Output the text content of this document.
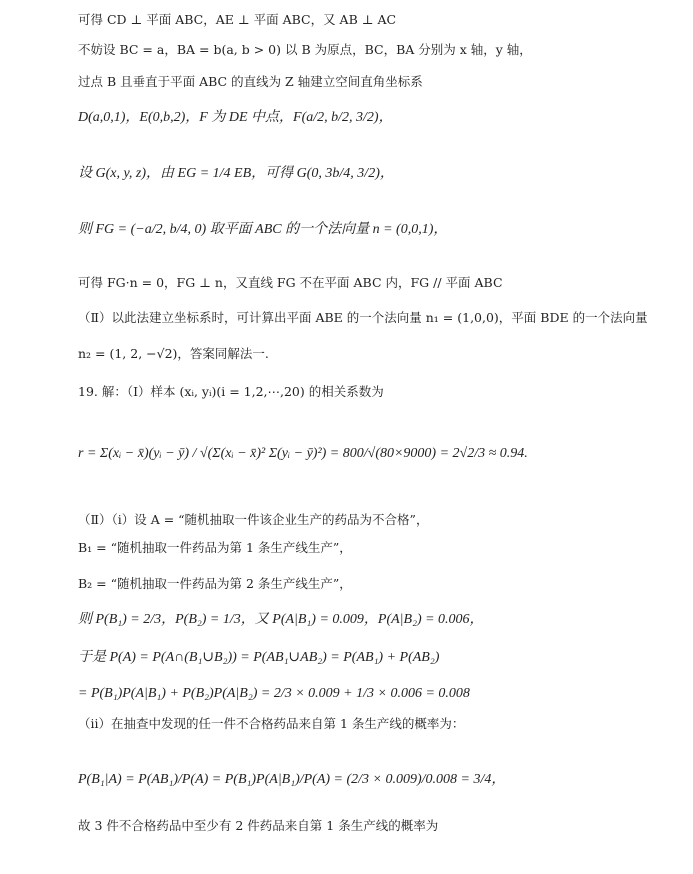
可得 CD ⊥ 平面 ABC，AE ⊥ 平面 ABC，又 AB ⊥ AC
不妨设 BC = a，BA = b(a, b > 0) 以 B 为原点，BC，BA 分别为 x 轴，y 轴，
过点 B 且垂直于平面 ABC 的直线为 Z 轴建立空间直角坐标系
D(a,0,1)，E(0,b,2)，F 为 DE 中点，F(a/2, b/2, 3/2)，
设 G(x, y, z)，由 EG = 1/4 EB，可得 G(0, 3b/4, 3/2)，
则 FG = (−a/2, b/4, 0) 取平面 ABC 的一个法向量 n = (0,0,1)，
可得 FG·n = 0，FG ⊥ n，又直线 FG 不在平面 ABC 内，FG // 平面 ABC
（Ⅱ）以此法建立坐标系时，可计算出平面 ABE 的一个法向量 n₁ = (1,0,0)，平面 BDE 的一个法向量
n₂ = (1, 2, −√2)，答案同解法一.
19. 解：（Ⅰ）样本 (xᵢ, yᵢ)(i = 1,2,⋯,20) 的相关系数为
r = Σ(xᵢ − x̄)(yᵢ − ȳ) / √(Σ(xᵢ − x̄)² Σ(yᵢ − ȳ)²) = 800/√(80×9000) = 2√2/3 ≈ 0.94.
（Ⅱ）（ⅰ）设 A = “随机抽取一件该企业生产的药品为不合格”，
B₁ = “随机抽取一件药品为第 1 条生产线生产”，
B₂ = “随机抽取一件药品为第 2 条生产线生产”，
则 P(B₁) = 2/3，P(B₂) = 1/3，又 P(A|B₁) = 0.009，P(A|B₂) = 0.006，
于是 P(A) = P(A∩(B₁∪B₂)) = P(AB₁∪AB₂) = P(AB₁) + P(AB₂)
= P(B₁)P(A|B₁) + P(B₂)P(A|B₂) = 2/3 × 0.009 + 1/3 × 0.006 = 0.008
（ⅱ）在抽查中发现的任一件不合格药品来自第 1 条生产线的概率为：
P(B₁|A) = P(AB₁)/P(A) = P(B₁)P(A|B₁)/P(A) = (2/3 × 0.009)/0.008 = 3/4，
故 3 件不合格药品中至少有 2 件药品来自第 1 条生产线的概率为
